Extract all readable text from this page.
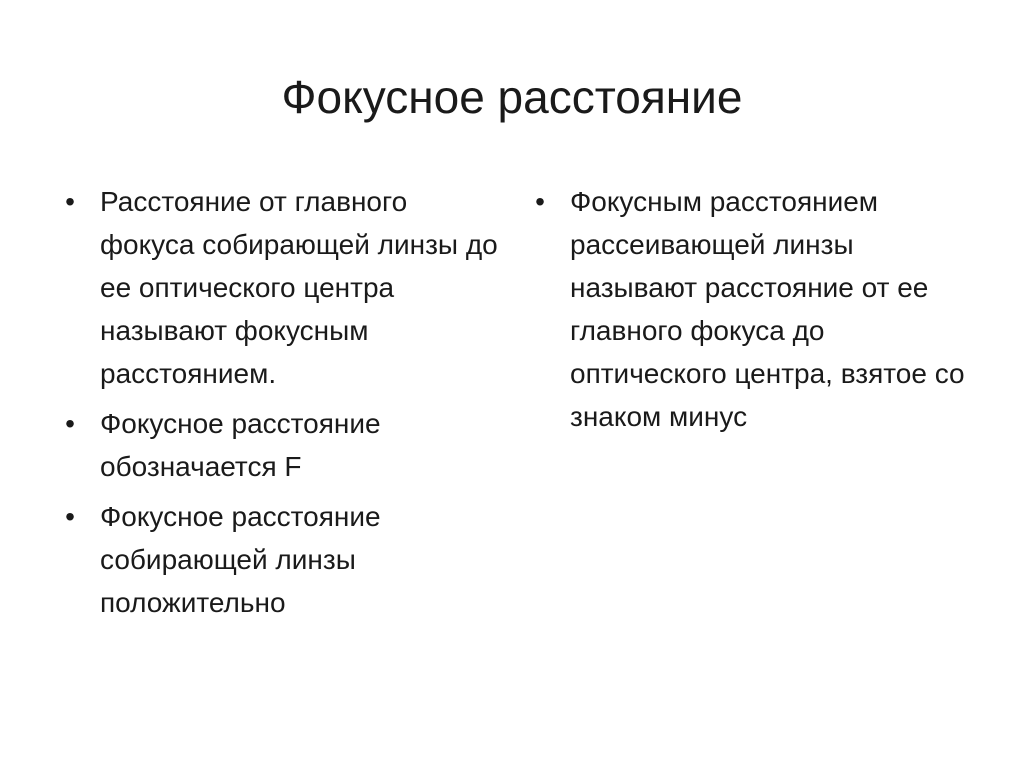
Фокусное расстояние
• Расстояние от главного фокуса собирающей линзы до ее оптического центра называют фокусным расстоянием.
• Фокусное расстояние обозначается F
• Фокусное расстояние собирающей линзы положительно
• Фокусным расстоянием рассеивающей линзы называют расстояние от ее главного фокуса до оптического центра, взятое со знаком минус
